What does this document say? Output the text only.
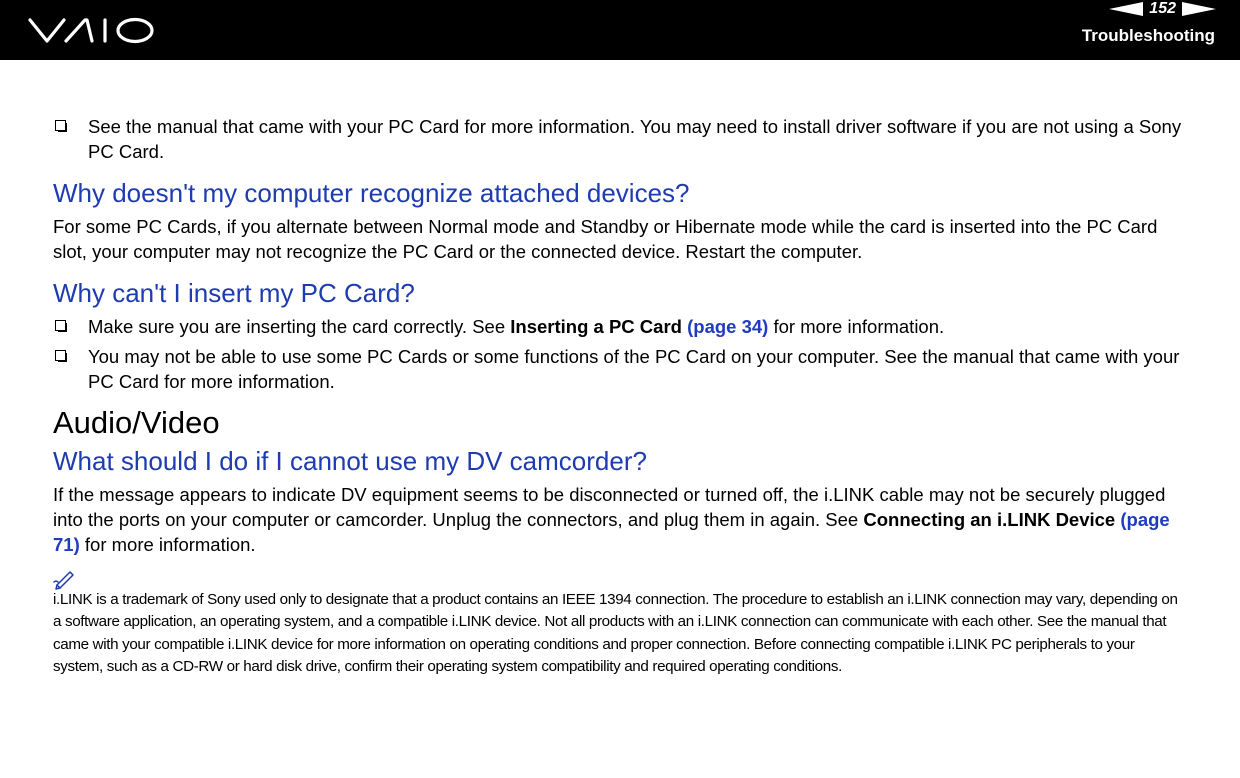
152
Troubleshooting
See the manual that came with your PC Card for more information. You may need to install driver software if you are not using a Sony PC Card.
Why doesn't my computer recognize attached devices?

For some PC Cards, if you alternate between Normal mode and Standby or Hibernate mode while the card is inserted into the PC Card slot, your computer may not recognize the PC Card or the connected device. Restart the computer.

Why can't I insert my PC Card?
Make sure you are inserting the card correctly. See Inserting a PC Card (page 34) for more information.
You may not be able to use some PC Cards or some functions of the PC Card on your computer. See the manual that came with your PC Card for more information.
Audio/Video
What should I do if I cannot use my DV camcorder?

If the message appears to indicate DV equipment seems to be disconnected or turned off, the i.LINK cable may not be securely plugged into the ports on your computer or camcorder. Unplug the connectors, and plug them in again. See Connecting an i.LINK Device (page 71) for more information.

i.LINK is a trademark of Sony used only to designate that a product contains an IEEE 1394 connection. The procedure to establish an i.LINK connection may vary, depending on a software application, an operating system, and a compatible i.LINK device. Not all products with an i.LINK connection can communicate with each other. See the manual that came with your compatible i.LINK device for more information on operating conditions and proper connection. Before connecting compatible i.LINK PC peripherals to your system, such as a CD-RW or hard disk drive, confirm their operating system compatibility and required operating conditions.
